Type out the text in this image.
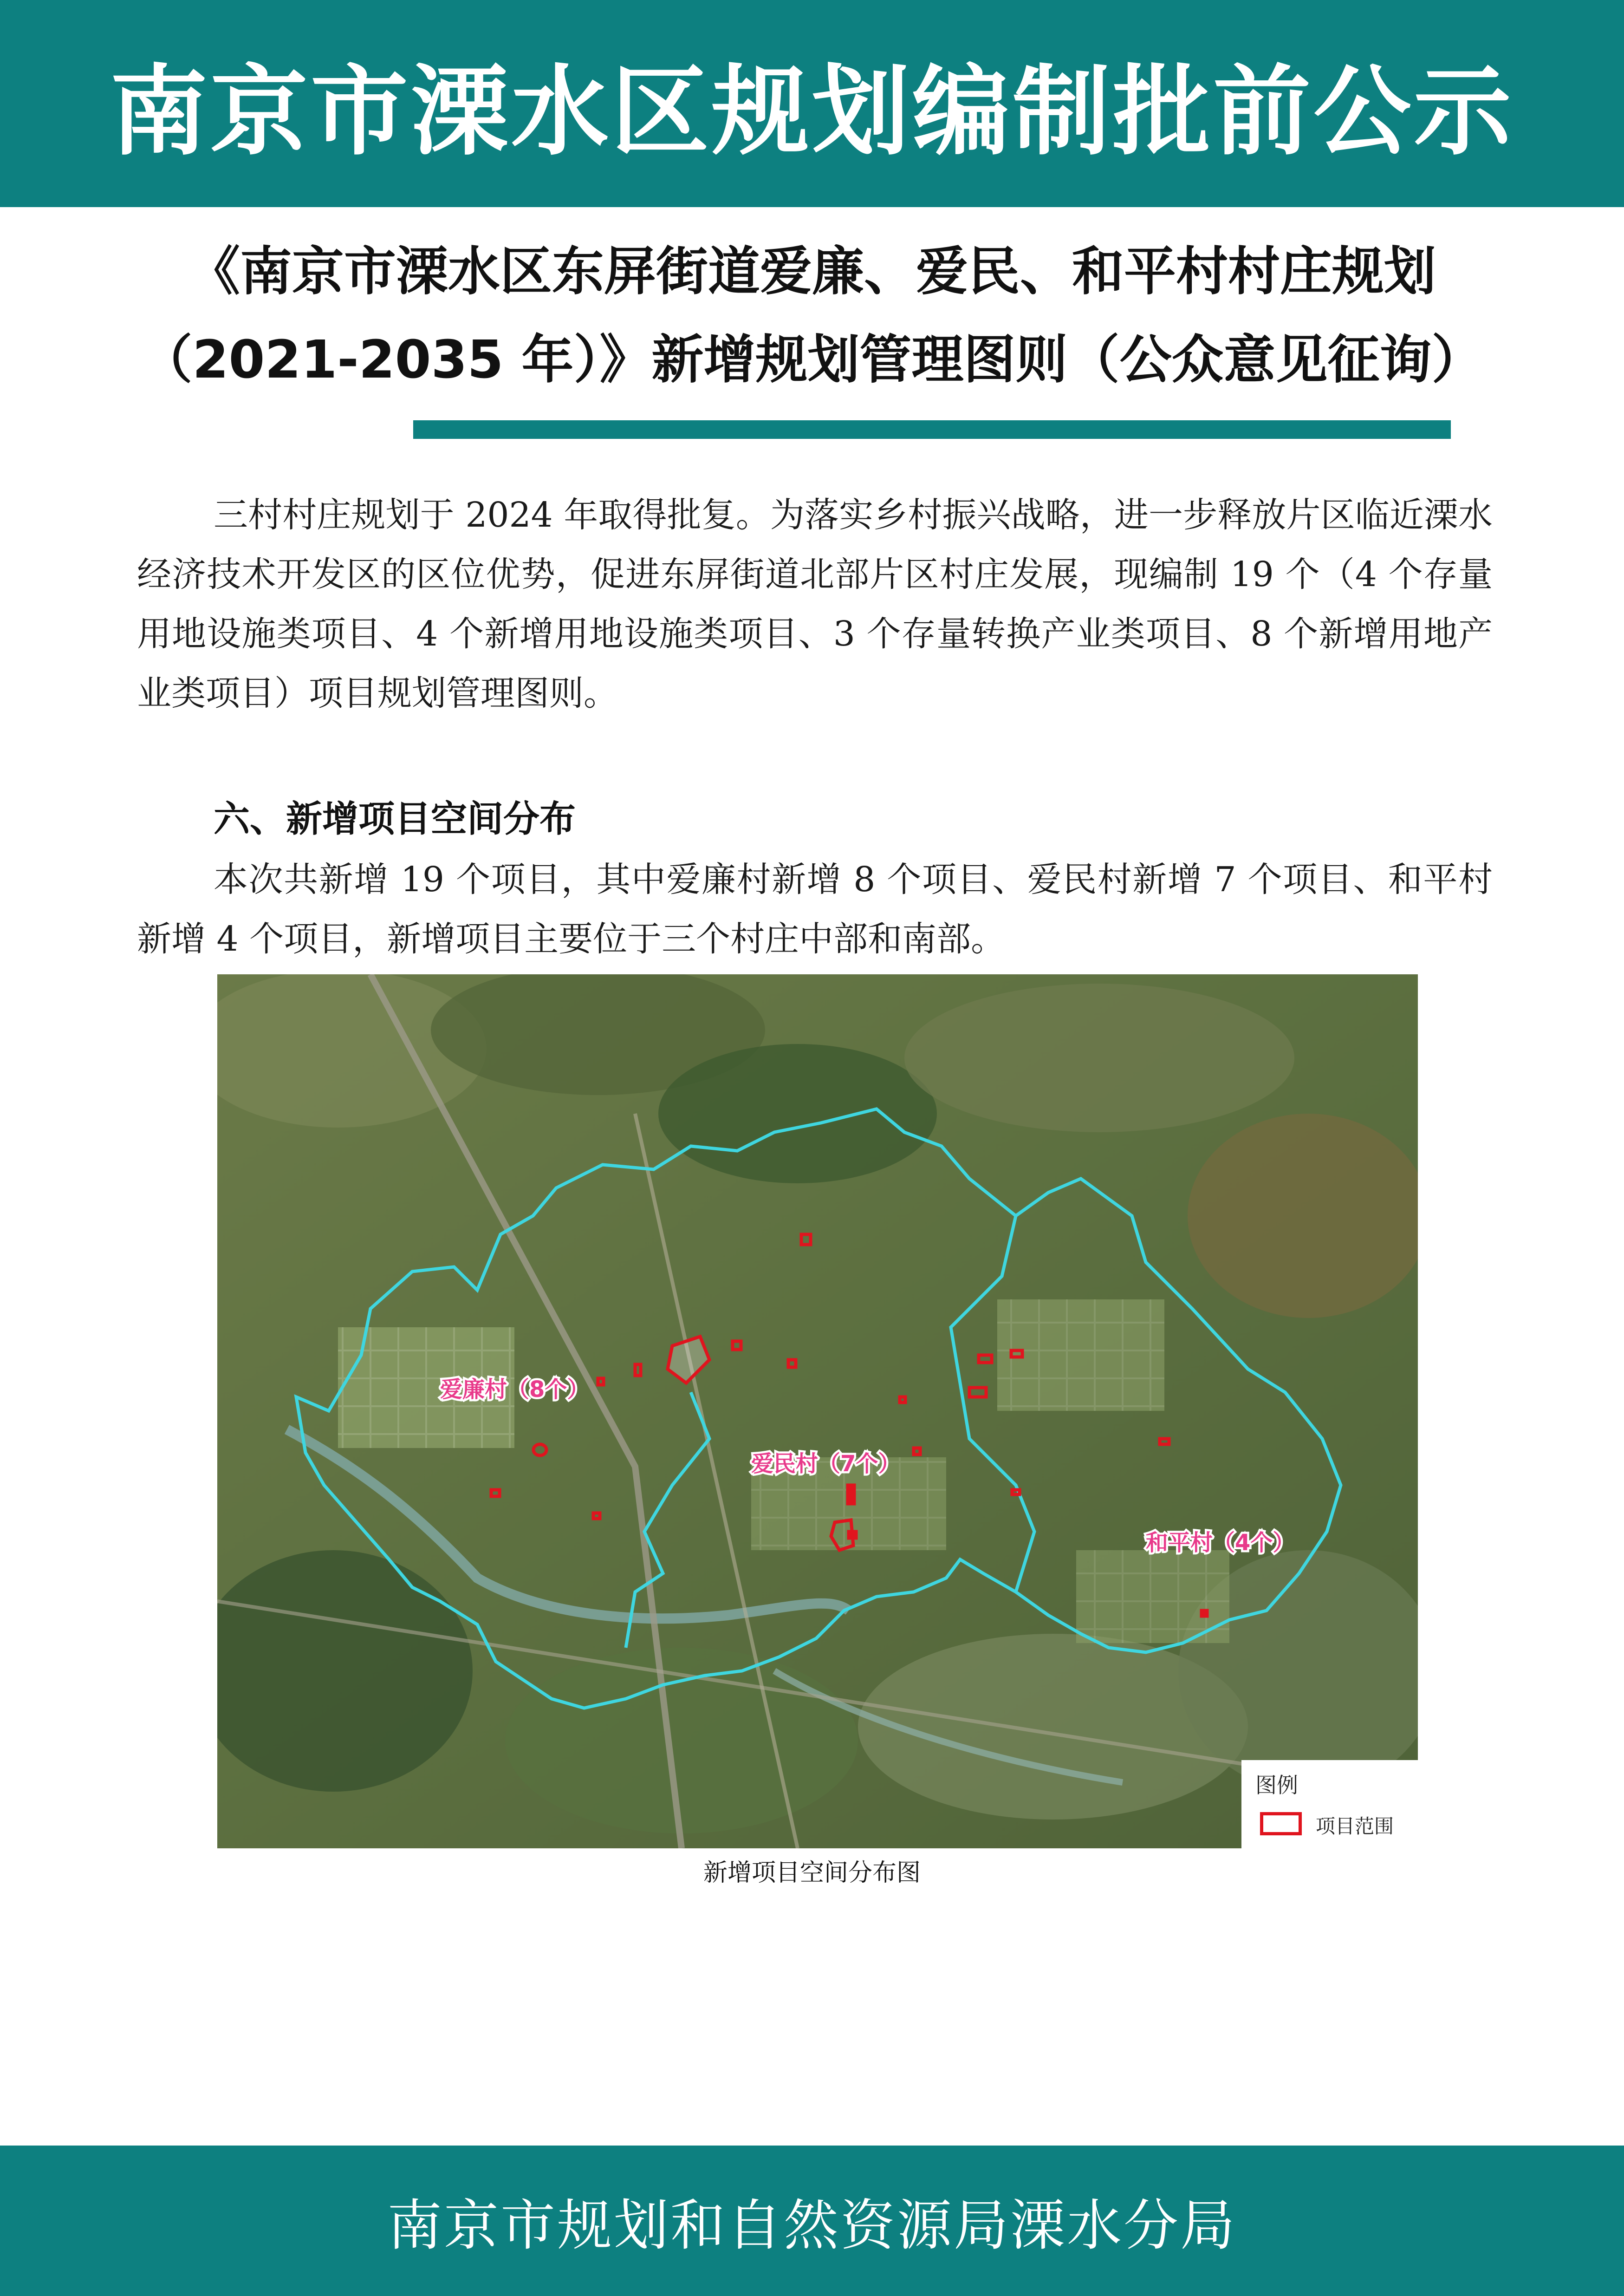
南京市溧水区规划编制批前公示
《南京市溧水区东屏街道爱廉、爱民、和平村村庄规划
（2021-2035 年）》新增规划管理图则（公众意见征询）

三村村庄规划于 2024 年取得批复。为落实乡村振兴战略，进一步释放片区临近溧水经济技术开发区的区位优势，促进东屏街道北部片区村庄发展，现编制 19 个（4 个存量用地设施类项目、4 个新增用地设施类项目、3 个存量转换产业类项目、8 个新增用地产业类项目）项目规划管理图则。

六、新增项目空间分布

本次共新增 19 个项目，其中爱廉村新增 8 个项目、爱民村新增 7 个项目、和平村新增 4 个项目，新增项目主要位于三个村庄中部和南部。

爱廉村（8个）
爱民村（7个）
和平村（4个）
图例
项目范围
新增项目空间分布图
南京市规划和自然资源局溧水分局
